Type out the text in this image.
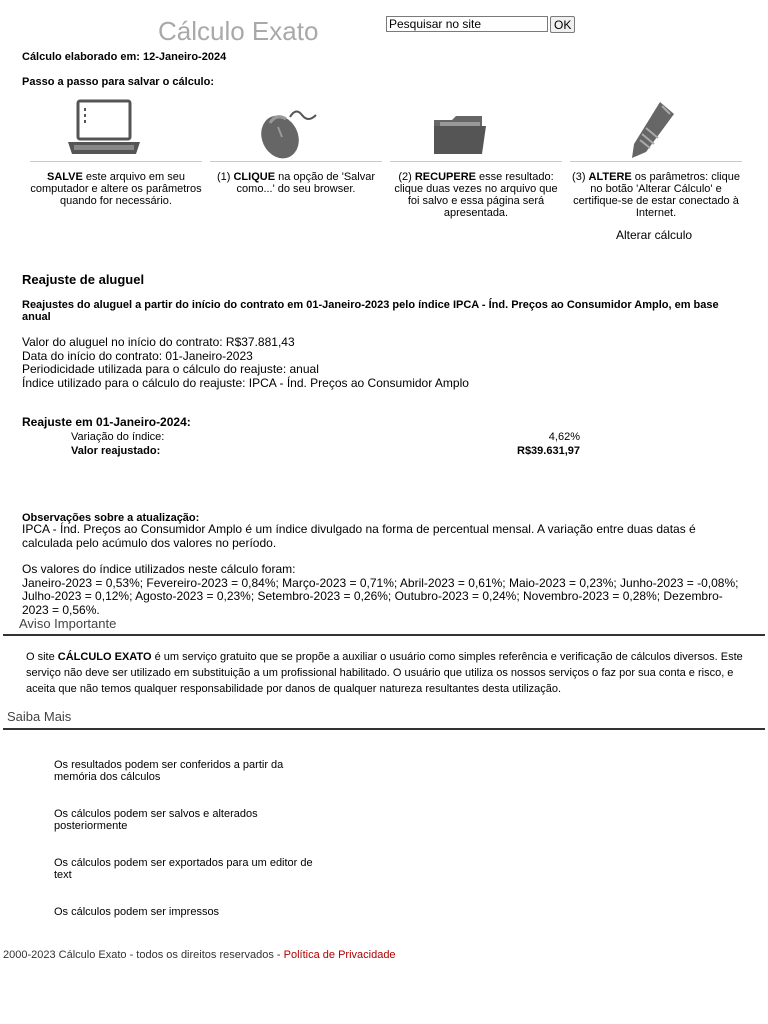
Cálculo Exato
Pesquisar no site	OK
Cálculo elaborado em: 12-Janeiro-2024
Passo a passo para salvar o cálculo:
SALVE este arquivo em seu computador e altere os parâmetros quando for necessário.
(1) CLIQUE na opção de 'Salvar como...' do seu browser.
(2) RECUPERE esse resultado: clique duas vezes no arquivo que foi salvo e essa página será apresentada.
(3) ALTERE os parâmetros: clique no botão 'Alterar Cálculo' e certifique-se de estar conectado à Internet.
Alterar cálculo
Reajuste de aluguel
Reajustes do aluguel a partir do início do contrato em 01-Janeiro-2023 pelo índice IPCA - Índ. Preços ao Consumidor Amplo, em base anual
Valor do aluguel no início do contrato: R$37.881,43
Data do início do contrato: 01-Janeiro-2023
Periodicidade utilizada para o cálculo do reajuste: anual
Índice utilizado para o cálculo do reajuste: IPCA - Índ. Preços ao Consumidor Amplo
Reajuste em 01-Janeiro-2024:
Variação do índice:	4,62%
Valor reajustado:	R$39.631,97
Observações sobre a atualização:
IPCA - Índ. Preços ao Consumidor Amplo é um índice divulgado na forma de percentual mensal. A variação entre duas datas é calculada pelo acúmulo dos valores no período.
Os valores do índice utilizados neste cálculo foram:
Janeiro-2023 = 0,53%; Fevereiro-2023 = 0,84%; Março-2023 = 0,71%; Abril-2023 = 0,61%; Maio-2023 = 0,23%; Junho-2023 = -0,08%; Julho-2023 = 0,12%; Agosto-2023 = 0,23%; Setembro-2023 = 0,26%; Outubro-2023 = 0,24%; Novembro-2023 = 0,28%; Dezembro-2023 = 0,56%.
Aviso Importante
O site CÁLCULO EXATO é um serviço gratuito que se propõe a auxiliar o usuário como simples referência e verificação de cálculos diversos. Este serviço não deve ser utilizado em substituição a um profissional habilitado. O usuário que utiliza os nossos serviços o faz por sua conta e risco, e aceita que não temos qualquer responsabilidade por danos de qualquer natureza resultantes desta utilização.
Saiba Mais
Os resultados podem ser conferidos a partir da memória dos cálculos
Os cálculos podem ser salvos e alterados posteriormente
Os cálculos podem ser exportados para um editor de text
Os cálculos podem ser impressos
2000-2023 Cálculo Exato - todos os direitos reservados - Política de Privacidade
